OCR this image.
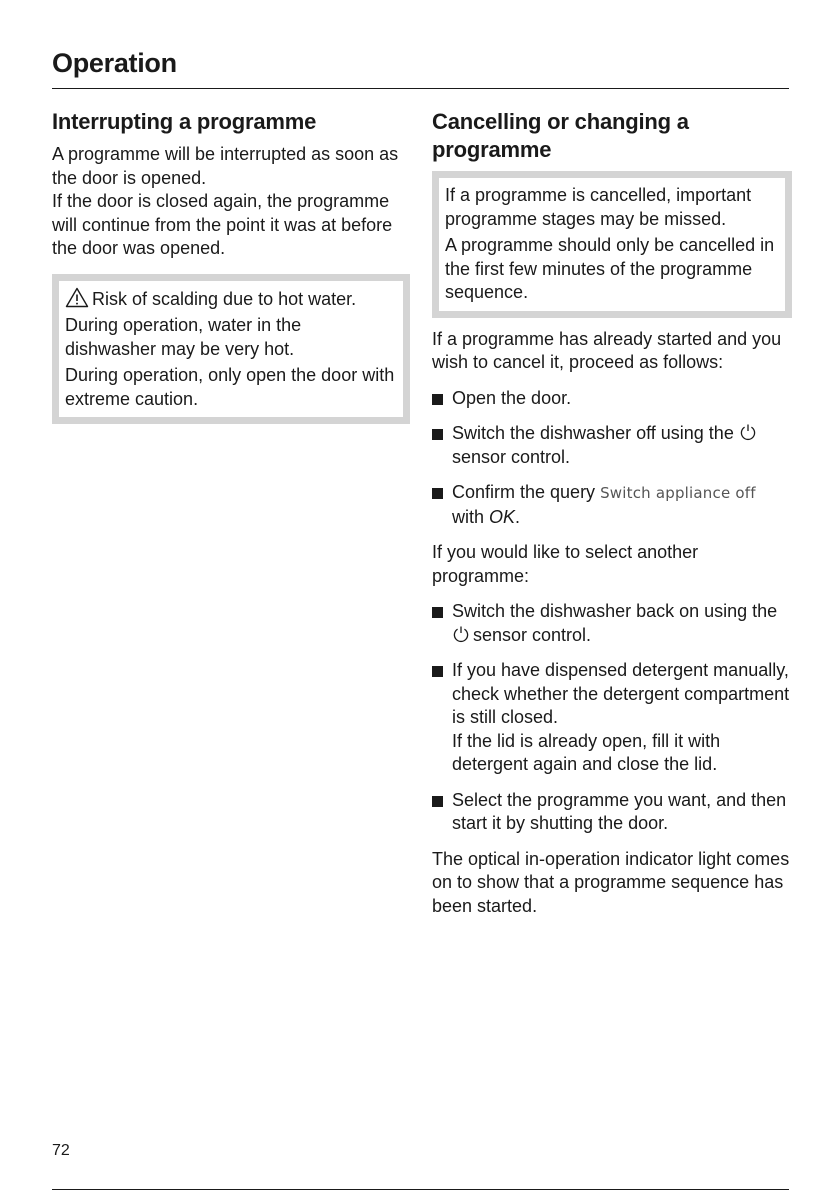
Operation
Interrupting a programme

A programme will be interrupted as soon as the door is opened.

If the door is closed again, the programme will continue from the point it was at before the door was opened.

Risk of scalding due to hot water.

During operation, water in the dishwasher may be very hot.

During operation, only open the door with extreme caution.

Cancelling or changing a programme

If a programme is cancelled, important programme stages may be missed.

A programme should only be cancelled in the first few minutes of the programme sequence.

If a programme has already started and you wish to cancel it, proceed as follows:

Open the door.
Switch the dishwasher off using the sensor control.
Confirm the query Switch appliance off with OK.

If you would like to select another programme:

Switch the dishwasher back on using the sensor control.
If you have dispensed detergent manually, check whether the detergent compartment is still closed.
If the lid is already open, fill it with detergent again and close the lid.
Select the programme you want, and then start it by shutting the door.

The optical in-operation indicator light comes on to show that a programme sequence has been started.

72
